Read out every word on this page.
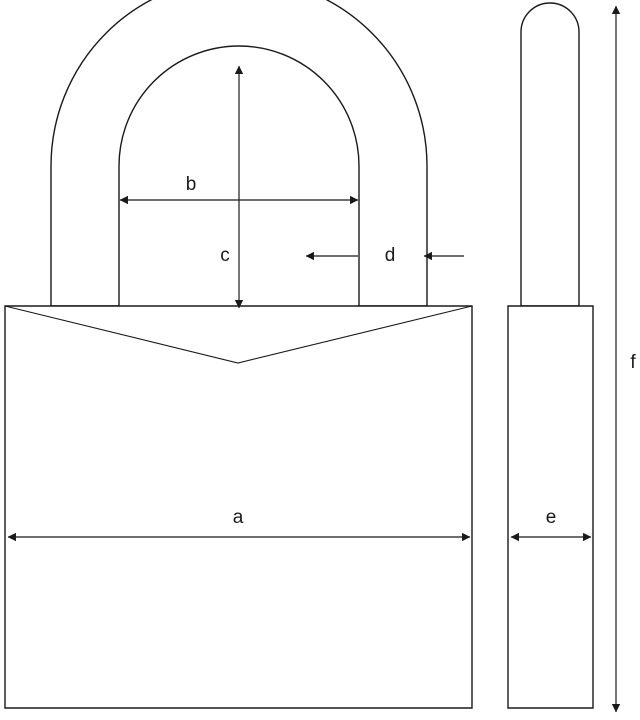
b
c	d
a	e
f
